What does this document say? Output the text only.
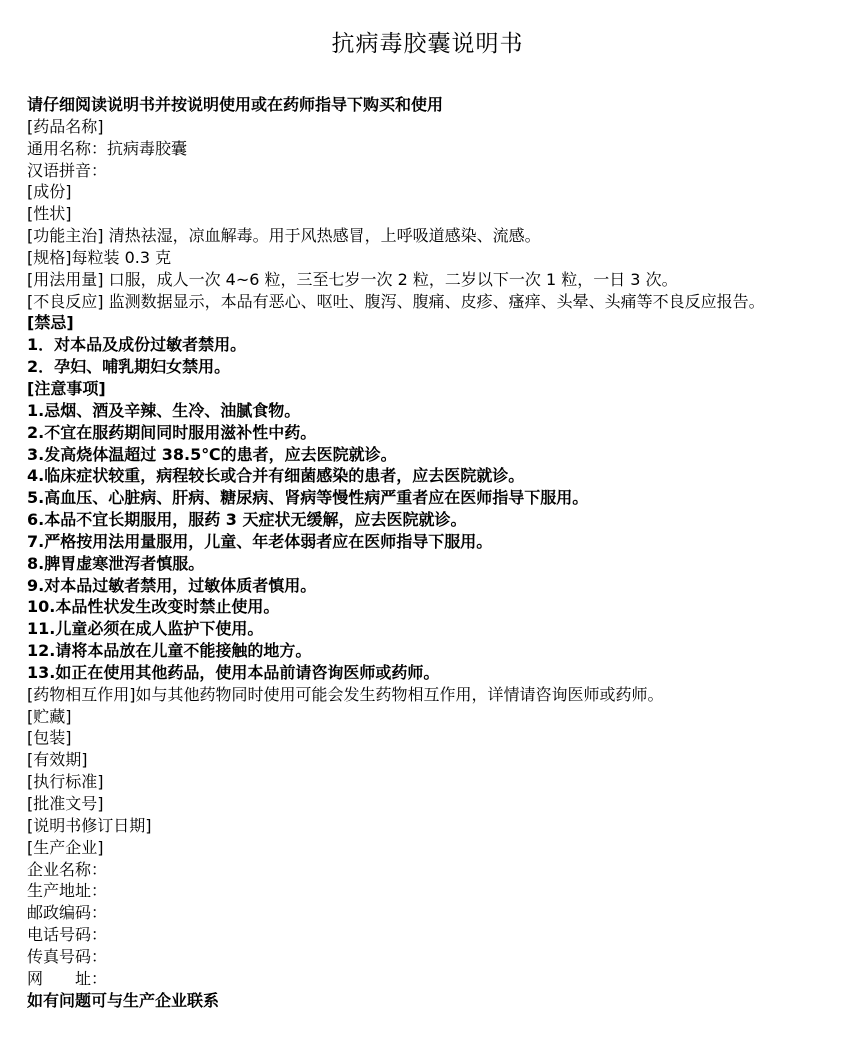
抗病毒胶囊说明书
请仔细阅读说明书并按说明使用或在药师指导下购买和使用
[药品名称]
通用名称：抗病毒胶囊
汉语拼音：
[成份]
[性状]
[功能主治] 清热祛湿，凉血解毒。用于风热感冒，上呼吸道感染、流感。
[规格]每粒装 0.3 克
[用法用量] 口服，成人一次 4~6 粒，三至七岁一次 2 粒，二岁以下一次 1 粒，一日 3 次。
[不良反应] 监测数据显示，本品有恶心、呕吐、腹泻、腹痛、皮疹、瘙痒、头晕、头痛等不良反应报告。
[禁忌]
1．对本品及成份过敏者禁用。
2．孕妇、哺乳期妇女禁用。
[注意事项]
1.忌烟、酒及辛辣、生冷、油腻食物。
2.不宜在服药期间同时服用滋补性中药。
3.发高烧体温超过 38.5℃的患者，应去医院就诊。
4.临床症状较重，病程较长或合并有细菌感染的患者，应去医院就诊。
5.高血压、心脏病、肝病、糖尿病、肾病等慢性病严重者应在医师指导下服用。
6.本品不宜长期服用，服药 3 天症状无缓解，应去医院就诊。
7.严格按用法用量服用，儿童、年老体弱者应在医师指导下服用。
8.脾胃虚寒泄泻者慎服。
9.对本品过敏者禁用，过敏体质者慎用。
10.本品性状发生改变时禁止使用。
11.儿童必须在成人监护下使用。
12.请将本品放在儿童不能接触的地方。
13.如正在使用其他药品，使用本品前请咨询医师或药师。
[药物相互作用]如与其他药物同时使用可能会发生药物相互作用，详情请咨询医师或药师。
[贮藏]
[包装]
[有效期]
[执行标准]
[批准文号]
[说明书修订日期]
[生产企业]
企业名称：
生产地址：
邮政编码：
电话号码：
传真号码：
网　　址：
如有问题可与生产企业联系
